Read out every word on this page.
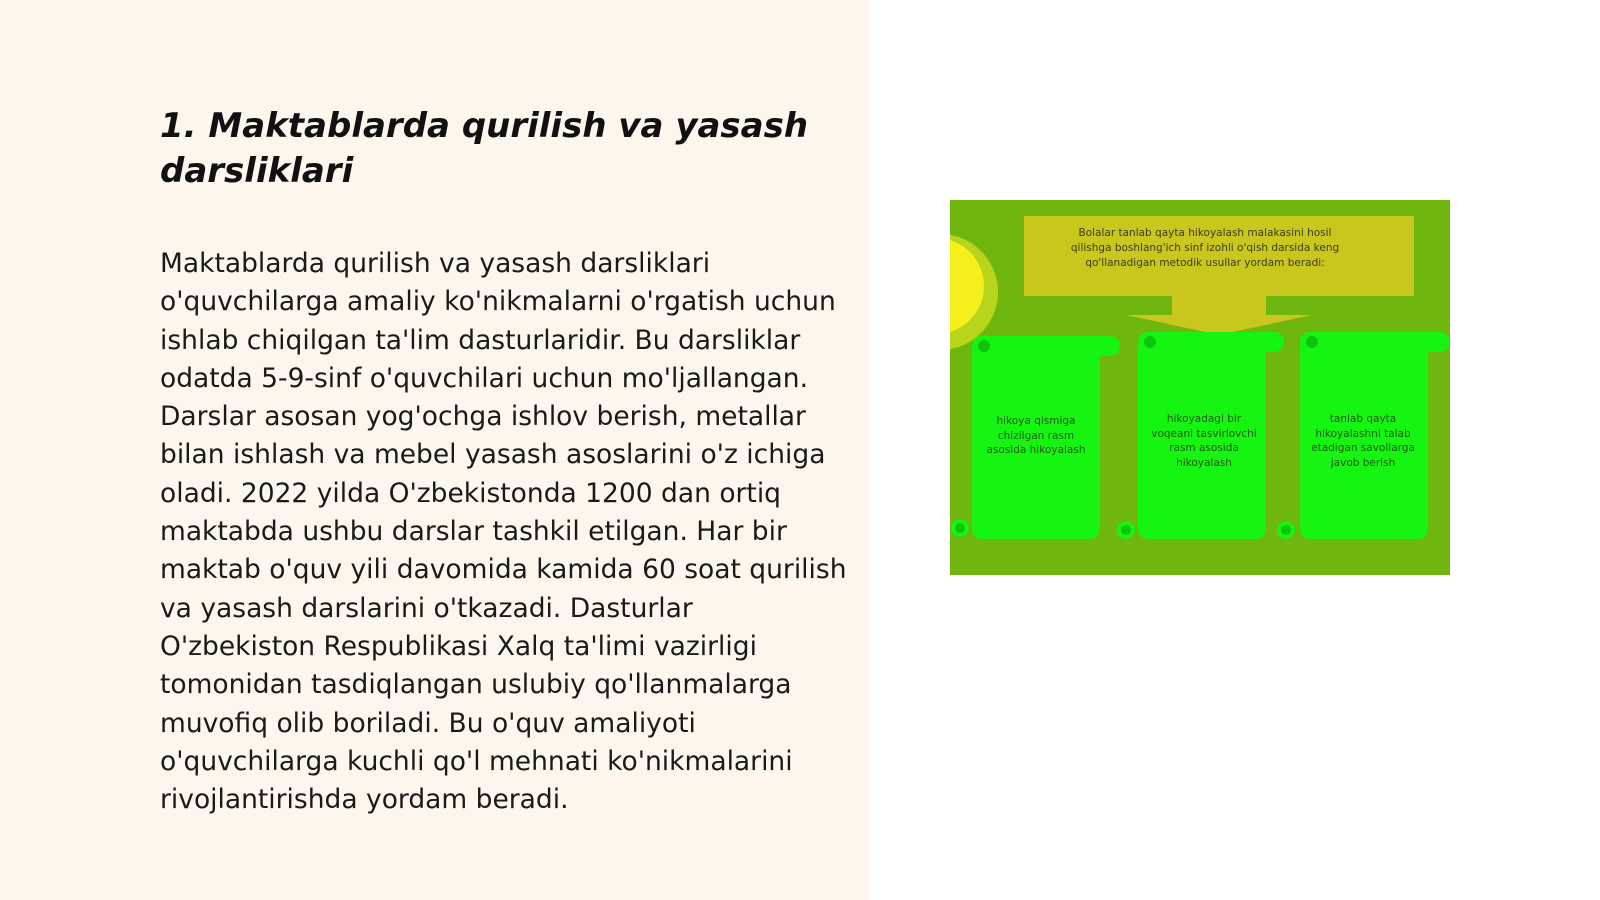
1. Maktablarda qurilish va yasash darsliklari

Maktablarda qurilish va yasash darsliklari o'quvchilarga amaliy ko'nikmalarni o'rgatish uchun ishlab chiqilgan ta'lim dasturlaridir. Bu darsliklar odatda 5-9-sinf o'quvchilari uchun mo'ljallangan. Darslar asosan yog'ochga ishlov berish, metallar bilan ishlash va mebel yasash asoslarini o'z ichiga oladi. 2022 yilda O'zbekistonda 1200 dan ortiq maktabda ushbu darslar tashkil etilgan. Har bir maktab o'quv yili davomida kamida 60 soat qurilish va yasash darslarini o'tkazadi. Dasturlar O'zbekiston Respublikasi Xalq ta'limi vazirligi tomonidan tasdiqlangan uslubiy qo'llanmalarga muvofiq olib boriladi. Bu o'quv amaliyoti o'quvchilarga kuchli qo'l mehnati ko'nikmalarini rivojlantirishda yordam beradi.

Bolalar tanlab qayta hikoyalash malakasini hosil qilishga boshlang'ich sinf izohli o'qish darsida keng qo'llanadigan metodik usullar yordam beradi:
hikoya qismiga chizilgan rasm asosida hikoyalash
hikoyadagi bir voqeani tasvirlovchi rasm asosida hikoyalash
tanlab qayta hikoyalashni talab etadigan savollarga javob berish
